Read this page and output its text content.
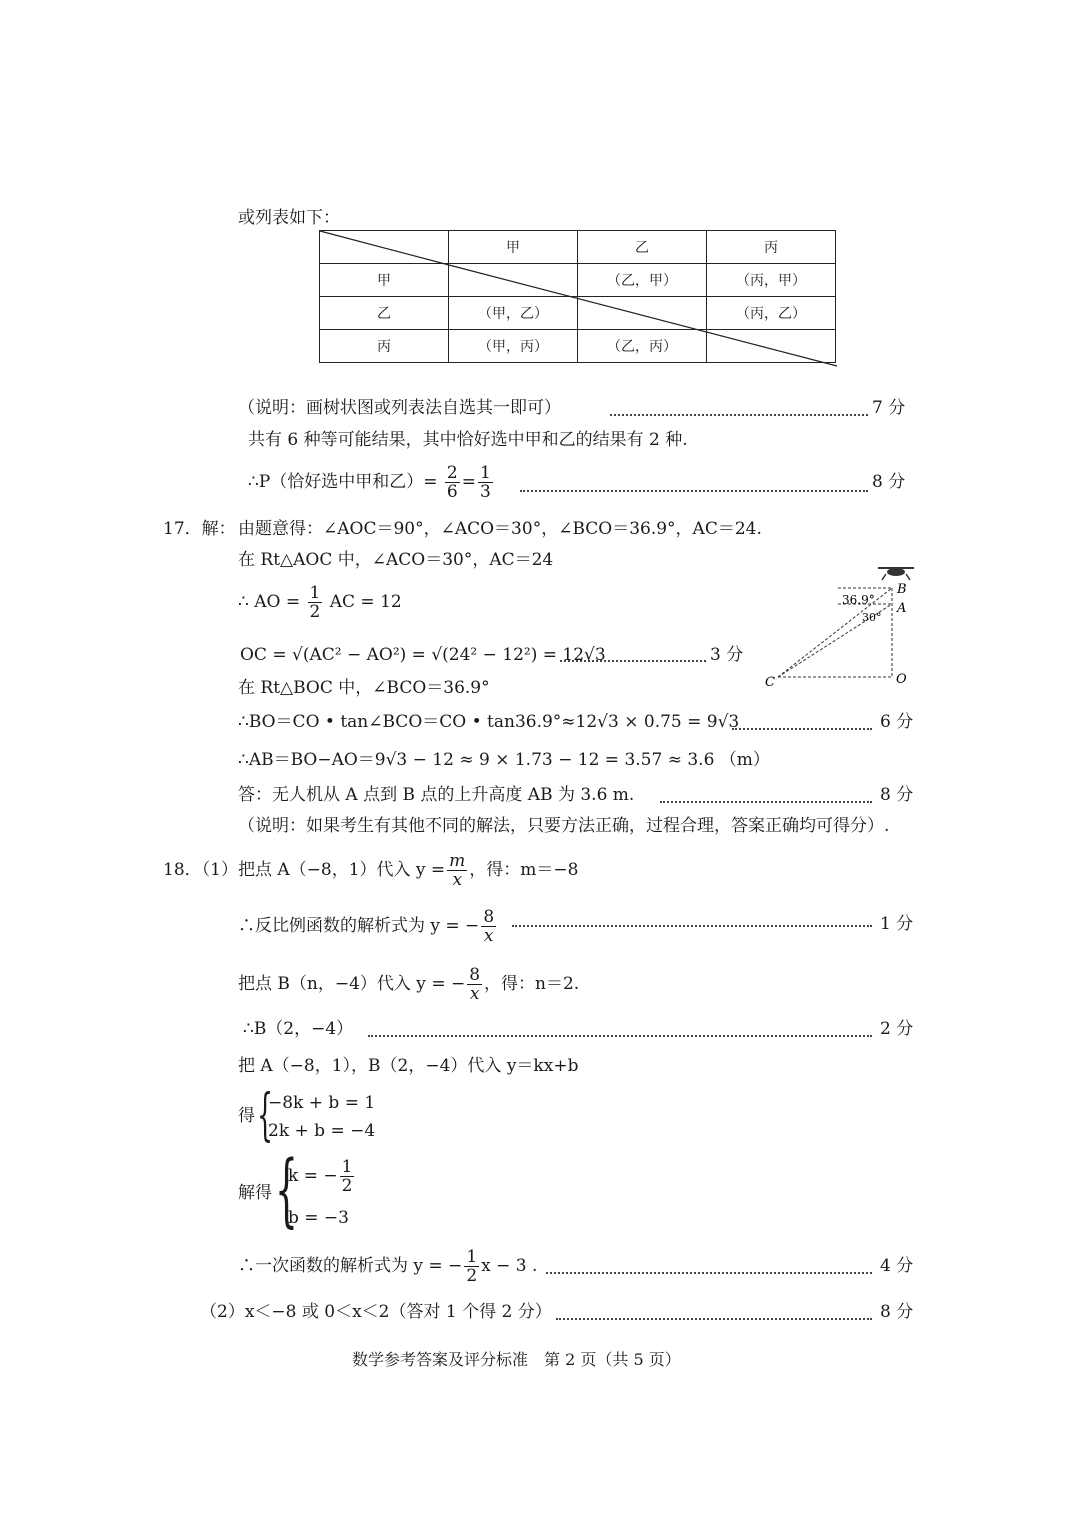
或列表如下：
	甲	乙	丙
甲		（乙，甲）	（丙，甲）
乙	（甲，乙）		（丙，乙）
丙	（甲，丙）	（乙，丙）	
（说明：画树状图或列表法自选其一即可）	7 分
共有 6 种等可能结果，其中恰好选中甲和乙的结果有 2 种.
∴P（恰好选中甲和乙）= $\frac{2}{6} = \frac{1}{3}$	8 分
17．解： 由题意得：∠AOC＝90°，∠ACO＝30°，∠BCO＝36.9°，AC＝24.
在 Rt△AOC 中，∠ACO＝30°，AC＝24
∴ AO = $\frac{1}{2}$ AC = 12
OC = √(AC² − AO²) = √(24² − 12²) = 12√3	3 分
在 Rt△BOC 中，∠BCO＝36.9°
∴BO＝CO • tan∠BCO＝CO • tan36.9°≈12√3 × 0.75 = 9√3	6 分
∴AB＝BO−AO＝9√3 − 12 ≈ 9 × 1.73 − 12 = 3.57 ≈ 3.6 （m）
答：无人机从 A 点到 B 点的上升高度 AB 为 3.6 m.	8 分
（说明：如果考生有其他不同的解法，只要方法正确，过程合理，答案正确均可得分）.
36.9°
30°
B
A
C	O
18．（1）把点 A（−8，1）代入 $y = \frac{m}{x}$ ，得：m＝−8
∴反比例函数的解析式为 y = − $\frac{8}{x}$	1 分
把点 B（n，−4）代入 y = − $\frac{8}{x}$ ，得：n＝2.
∴B（2，−4）	2 分
把 A（−8，1），B（2，−4）代入 y＝kx+b
得 {
−8k + b = 1
2k + b = −4
解得 {
k = − $\frac{1}{2}$
b = −3
∴一次函数的解析式为 y = − $\frac{1}{2}$ x − 3 .	4 分
（2）x＜−8 或 0＜x＜2（答对 1 个得 2 分）	8 分
数学参考答案及评分标准　第 2 页（共 5 页）
